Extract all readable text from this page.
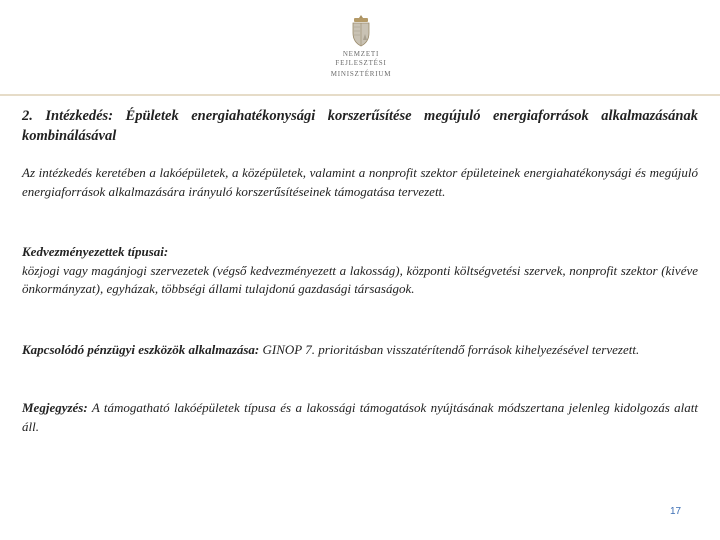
NEMZETI FEJLESZTÉSI
MINISZTÉRIUM
2. Intézkedés: Épületek energiahatékonysági korszerűsítése megújuló energiaforrások alkalmazásának kombinálásával

Az intézkedés keretében a lakóépületek, a középületek, valamint a nonprofit szektor épületeinek energiahatékonysági és megújuló energiaforrások alkalmazására irányuló korszerűsítéseinek támogatása tervezett.

Kedvezményezettek típusai:
közjogi vagy magánjogi szervezetek (végső kedvezményezett a lakosság), központi költségvetési szervek, nonprofit szektor (kivéve önkormányzat), egyházak, többségi állami tulajdonú gazdasági társaságok.

Kapcsolódó pénzügyi eszközök alkalmazása: GINOP 7. prioritásban visszatérítendő források kihelyezésével tervezett.

Megjegyzés: A támogatható lakóépületek típusa és a lakossági támogatások nyújtásának módszertana jelenleg kidolgozás alatt áll.

17
